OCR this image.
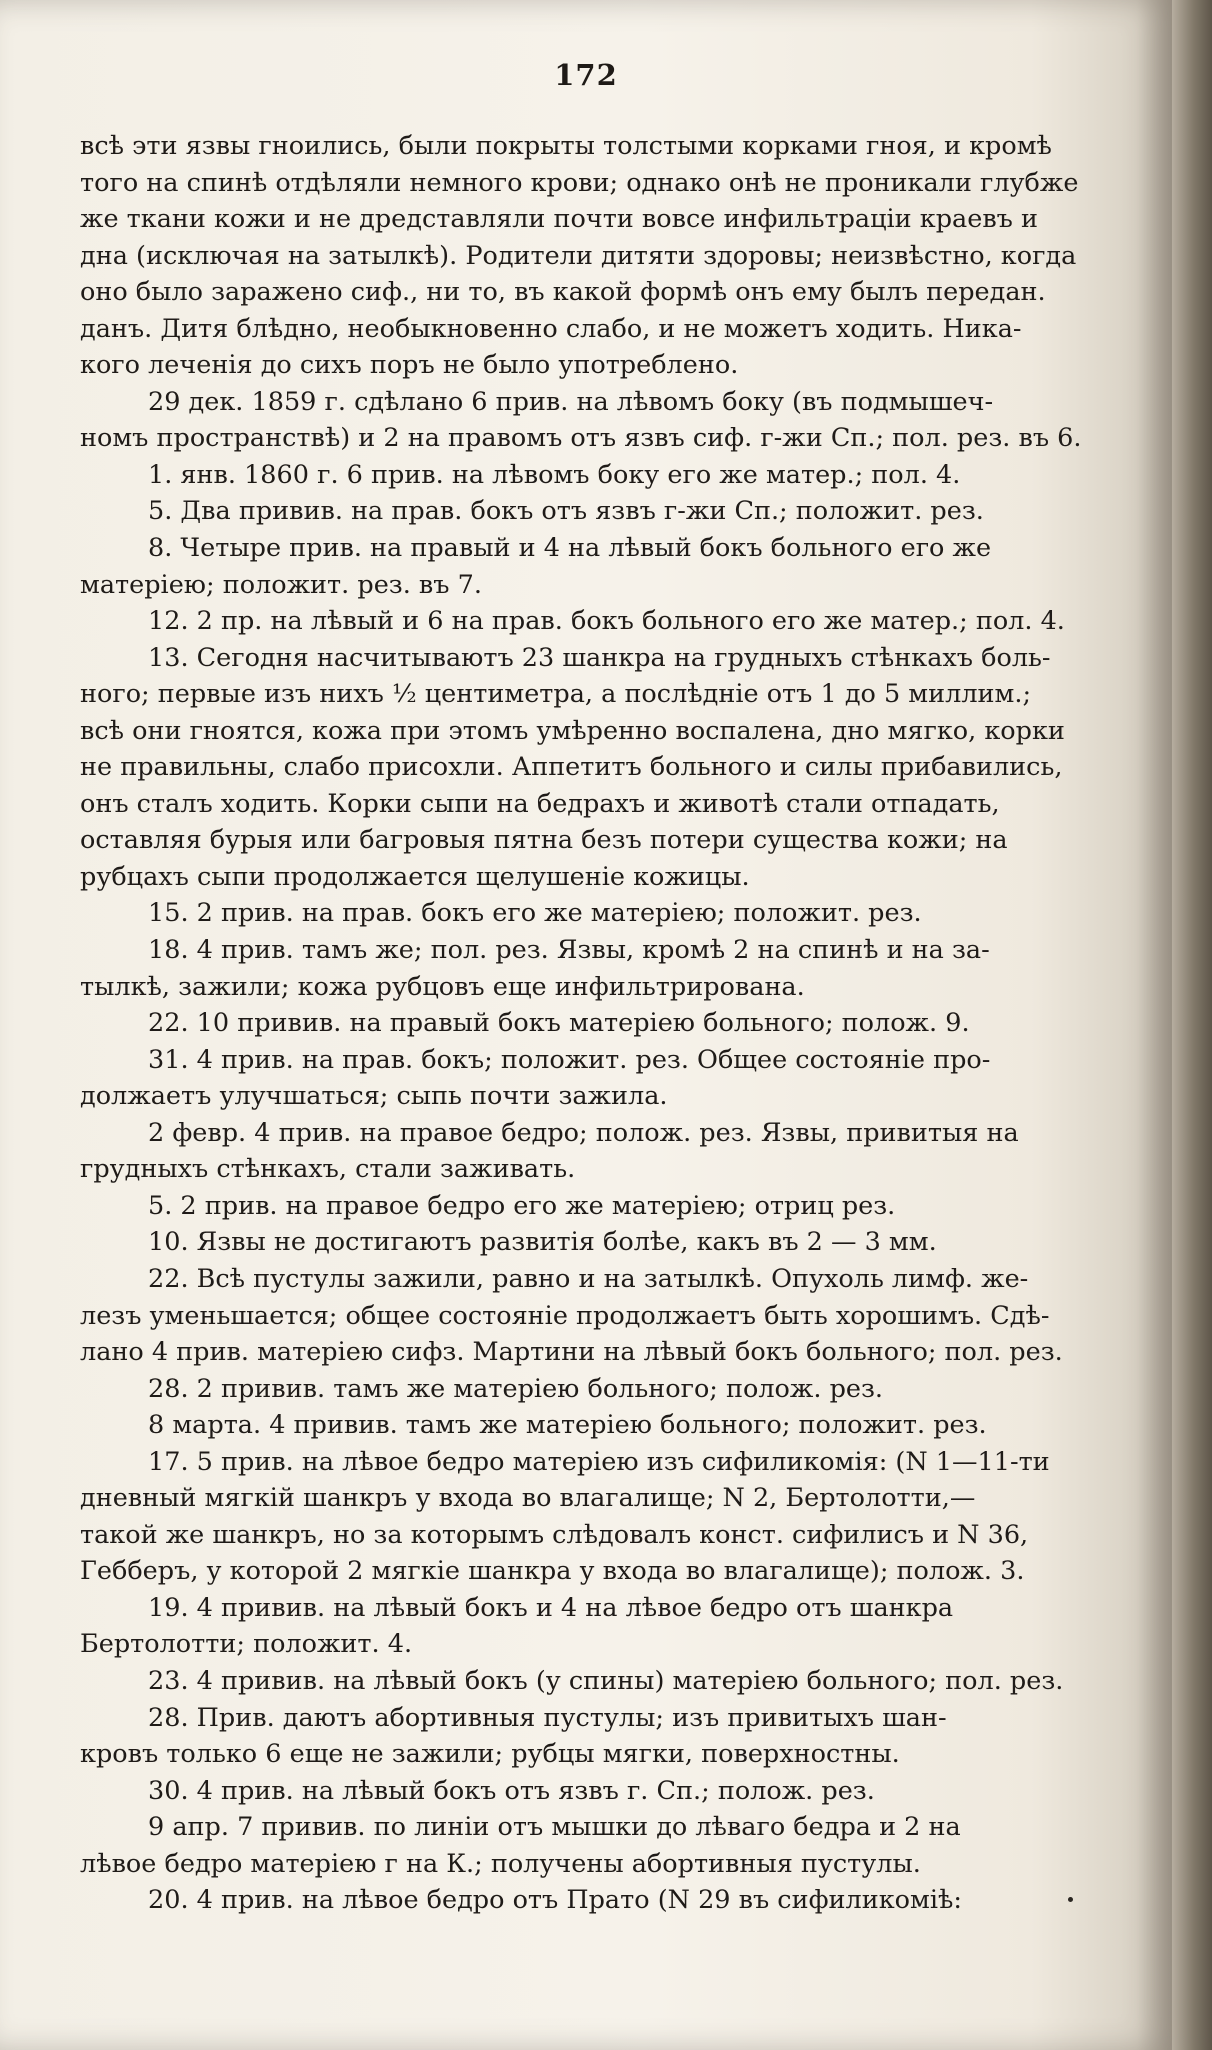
172
всѣ эти язвы гноились, были покрыты толстыми корками гноя, и кромѣ
того на спинѣ отдѣляли немного крови; однако онѣ не проникали глубже
же ткани кожи и не дредставляли почти вовсе инфильтраціи краевъ и
дна (исключая на затылкѣ). Родители дитяти здоровы; неизвѣстно, когда
оно было заражено сиф., ни то, въ какой формѣ онъ ему былъ передан.
данъ. Дитя блѣдно, необыкновенно слабо, и не можетъ ходить. Ника-
кого леченія до сихъ поръ не было употреблено.
29 дек. 1859 г. сдѣлано 6 прив. на лѣвомъ боку (въ подмышеч-
номъ пространствѣ) и 2 на правомъ отъ язвъ сиф. г-жи Сп.; пол. рез. въ 6.
1. янв. 1860 г. 6 прив. на лѣвомъ боку его же матер.; пол. 4.
5. Два привив. на прав. бокъ отъ язвъ г-жи Сп.; положит. рез.
8. Четыре прив. на правый и 4 на лѣвый бокъ больного его же
матеріею; положит. рез. въ 7.
12. 2 пр. на лѣвый и 6 на прав. бокъ больного его же матер.; пол. 4.
13. Сегодня насчитываютъ 23 шанкра на грудныхъ стѣнкахъ боль-
ного; первые изъ нихъ ½ центиметра, а послѣдніе отъ 1 до 5 миллим.;
всѣ они гноятся, кожа при этомъ умѣренно воспалена, дно мягко, корки
не правильны, слабо присохли. Аппетитъ больного и силы прибавились,
онъ сталъ ходить. Корки сыпи на бедрахъ и животѣ стали отпадать,
оставляя бурыя или багровыя пятна безъ потери существа кожи; на
рубцахъ сыпи продолжается щелушеніе кожицы.
15. 2 прив. на прав. бокъ его же матеріею; положит. рез.
18. 4 прив. тамъ же; пол. рез. Язвы, кромѣ 2 на спинѣ и на за-
тылкѣ, зажили; кожа рубцовъ еще инфильтрирована.
22. 10 привив. на правый бокъ матеріею больного; полож. 9.
31. 4 прив. на прав. бокъ; положит. рез. Общее состояніе про-
должаетъ улучшаться; сыпь почти зажила.
2 февр. 4 прив. на правое бедро; полож. рез. Язвы, привитыя на
грудныхъ стѣнкахъ, стали заживать.
5. 2 прив. на правое бедро его же матеріею; отриц рез.
10. Язвы не достигаютъ развитія болѣе, какъ въ 2 — 3 мм.
22. Всѣ пустулы зажили, равно и на затылкѣ. Опухоль лимф. же-
лезъ уменьшается; общее состояніе продолжаетъ быть хорошимъ. Сдѣ-
лано 4 прив. матеріею сифз. Мартини на лѣвый бокъ больного; пол. рез.
28. 2 привив. тамъ же матеріею больного; полож. рез.
8 марта. 4 привив. тамъ же матеріею больного; положит. рез.
17. 5 прив. на лѣвое бедро матеріею изъ сифиликомія: (N 1—11-ти
дневный мягкій шанкръ у входа во влагалище; N 2, Бертолотти,—
такой же шанкръ, но за которымъ слѣдовалъ конст. сифилисъ и N 36,
Гебберъ, у которой 2 мягкіе шанкра у входа во влагалище); полож. 3.
19. 4 привив. на лѣвый бокъ и 4 на лѣвое бедро отъ шанкра
Бертолотти; положит. 4.
23. 4 привив. на лѣвый бокъ (у спины) матеріею больного; пол. рез.
28. Прив. даютъ абортивныя пустулы; изъ привитыхъ шан-
кровъ только 6 еще не зажили; рубцы мягки, поверхностны.
30. 4 прив. на лѣвый бокъ отъ язвъ г. Сп.; полож. рез.
9 апр. 7 привив. по линіи отъ мышки до лѣваго бедра и 2 на
лѣвое бедро матеріею г на К.; получены абортивныя пустулы.
20. 4 прив. на лѣвое бедро отъ Прато (N 29 въ сифиликоміѣ:
